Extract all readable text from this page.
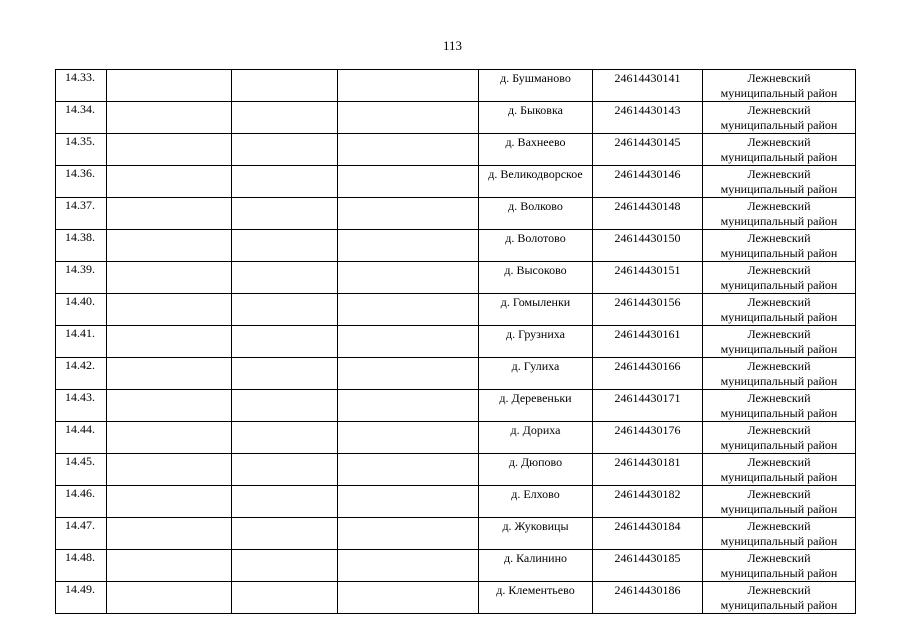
113
14.33.				д. Бушманово	24614430141	Лежневский
муниципальный район

14.34.				д. Быковка	24614430143	Лежневский
муниципальный район

14.35.				д. Вахнеево	24614430145	Лежневский
муниципальный район

14.36.				д. Великодворское	24614430146	Лежневский
муниципальный район

14.37.				д. Волково	24614430148	Лежневский
муниципальный район

14.38.				д. Волотово	24614430150	Лежневский
муниципальный район

14.39.				д. Высоково	24614430151	Лежневский
муниципальный район

14.40.				д. Гомыленки	24614430156	Лежневский
муниципальный район

14.41.				д. Грузниха	24614430161	Лежневский
муниципальный район

14.42.				д. Гулиха	24614430166	Лежневский
муниципальный район

14.43.				д. Деревеньки	24614430171	Лежневский
муниципальный район

14.44.				д. Дориха	24614430176	Лежневский
муниципальный район

14.45.				д. Дюпово	24614430181	Лежневский
муниципальный район

14.46.				д. Елхово	24614430182	Лежневский
муниципальный район

14.47.				д. Жуковицы	24614430184	Лежневский
муниципальный район

14.48.				д. Калинино	24614430185	Лежневский
муниципальный район

14.49.				д. Клементьево	24614430186	Лежневский
муниципальный район
